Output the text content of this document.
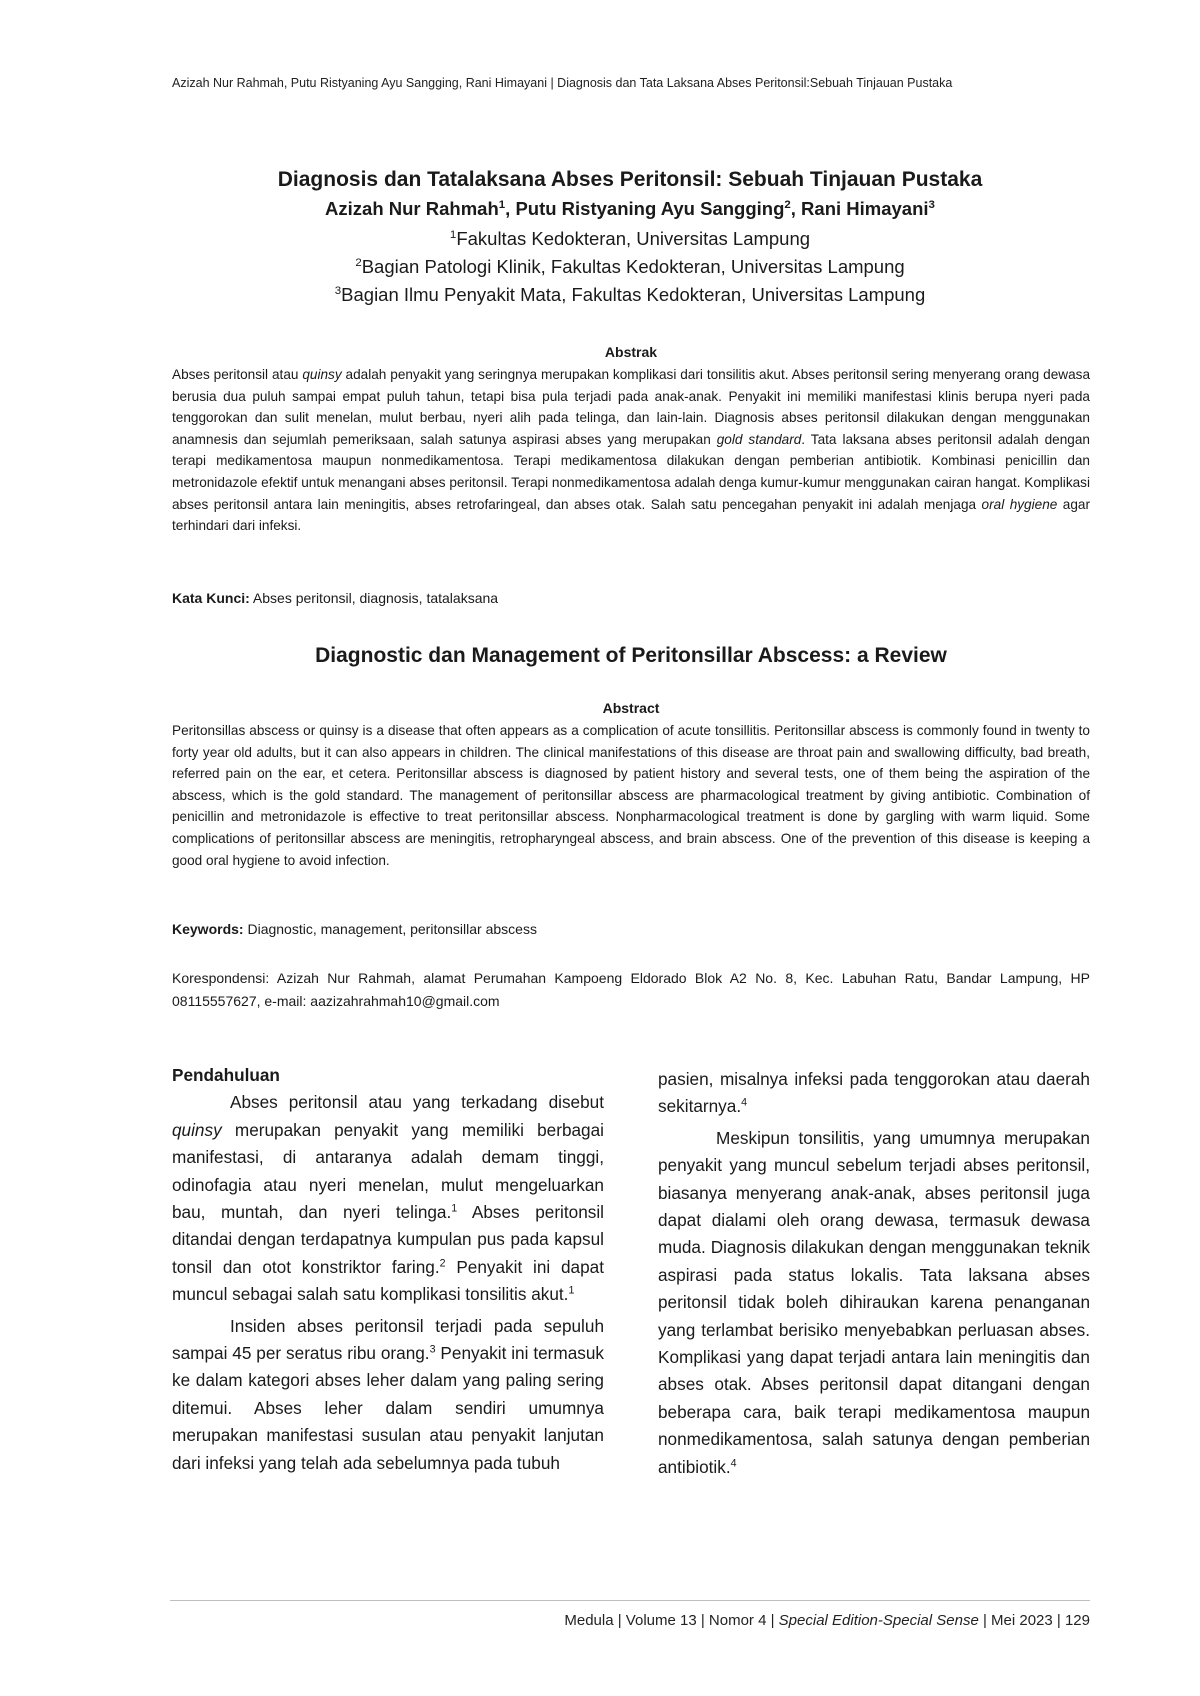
Azizah Nur Rahmah, Putu Ristyaning Ayu Sangging, Rani Himayani | Diagnosis dan Tata Laksana Abses Peritonsil:Sebuah Tinjauan Pustaka

Diagnosis dan Tatalaksana Abses Peritonsil: Sebuah Tinjauan Pustaka

Azizah Nur Rahmah$^1$, Putu Ristyaning Ayu Sangging$^2$, Rani Himayani$^3$

$^1$Fakultas Kedokteran, Universitas Lampung

$^2$Bagian Patologi Klinik, Fakultas Kedokteran, Universitas Lampung

$^3$Bagian Ilmu Penyakit Mata, Fakultas Kedokteran, Universitas Lampung

Abstrak

Abses peritonsil atau quinsy adalah penyakit yang seringnya merupakan komplikasi dari tonsilitis akut. Abses peritonsil sering menyerang orang dewasa berusia dua puluh sampai empat puluh tahun, tetapi bisa pula terjadi pada anak-anak. Penyakit ini memiliki manifestasi klinis berupa nyeri pada tenggorokan dan sulit menelan, mulut berbau, nyeri alih pada telinga, dan lain-lain. Diagnosis abses peritonsil dilakukan dengan menggunakan anamnesis dan sejumlah pemeriksaan, salah satunya aspirasi abses yang merupakan gold standard. Tata laksana abses peritonsil adalah dengan terapi medikamentosa maupun nonmedikamentosa. Terapi medikamentosa dilakukan dengan pemberian antibiotik. Kombinasi penicillin dan metronidazole efektif untuk menangani abses peritonsil. Terapi nonmedikamentosa adalah denga kumur-kumur menggunakan cairan hangat. Komplikasi abses peritonsil antara lain meningitis, abses retrofaringeal, dan abses otak. Salah satu pencegahan penyakit ini adalah menjaga oral hygiene agar terhindari dari infeksi.

Kata Kunci: Abses peritonsil, diagnosis, tatalaksana
Diagnostic dan Management of Peritonsillar Abscess: a Review
Abstract

Peritonsillas abscess or quinsy is a disease that often appears as a complication of acute tonsillitis. Peritonsillar abscess is commonly found in twenty to forty year old adults, but it can also appears in children. The clinical manifestations of this disease are throat pain and swallowing difficulty, bad breath, referred pain on the ear, et cetera. Peritonsillar abscess is diagnosed by patient history and several tests, one of them being the aspiration of the abscess, which is the gold standard. The management of peritonsillar abscess are pharmacological treatment by giving antibiotic. Combination of penicillin and metronidazole is effective to treat peritonsillar abscess. Nonpharmacological treatment is done by gargling with warm liquid. Some complications of peritonsillar abscess are meningitis, retropharyngeal abscess, and brain abscess. One of the prevention of this disease is keeping a good oral hygiene to avoid infection.

Keywords: Diagnostic, management, peritonsillar abscess
Korespondensi: Azizah Nur Rahmah, alamat Perumahan Kampoeng Eldorado Blok A2 No. 8, Kec. Labuhan Ratu, Bandar Lampung, HP 08115557627, e-mail: aazizahrahmah10@gmail.com
Pendahuluan

Abses peritonsil atau yang terkadang disebut quinsy merupakan penyakit yang memiliki berbagai manifestasi, di antaranya adalah demam tinggi, odinofagia atau nyeri menelan, mulut mengeluarkan bau, muntah, dan nyeri telinga.$^1$ Abses peritonsil ditandai dengan terdapatnya kumpulan pus pada kapsul tonsil dan otot konstriktor faring.$^2$ Penyakit ini dapat muncul sebagai salah satu komplikasi tonsilitis akut.$^1$

Insiden abses peritonsil terjadi pada sepuluh sampai 45 per seratus ribu orang.$^3$ Penyakit ini termasuk ke dalam kategori abses leher dalam yang paling sering ditemui. Abses leher dalam sendiri umumnya merupakan manifestasi susulan atau penyakit lanjutan dari infeksi yang telah ada sebelumnya pada tubuh

pasien, misalnya infeksi pada tenggorokan atau daerah sekitarnya.$^4$

Meskipun tonsilitis, yang umumnya merupakan penyakit yang muncul sebelum terjadi abses peritonsil, biasanya menyerang anak-anak, abses peritonsil juga dapat dialami oleh orang dewasa, termasuk dewasa muda. Diagnosis dilakukan dengan menggunakan teknik aspirasi pada status lokalis. Tata laksana abses peritonsil tidak boleh dihiraukan karena penanganan yang terlambat berisiko menyebabkan perluasan abses. Komplikasi yang dapat terjadi antara lain meningitis dan abses otak. Abses peritonsil dapat ditangani dengan beberapa cara, baik terapi medikamentosa maupun nonmedikamentosa, salah satunya dengan pemberian antibiotik.$^4$

Medula | Volume 13 | Nomor 4 | Special Edition-Special Sense | Mei 2023 | 129
